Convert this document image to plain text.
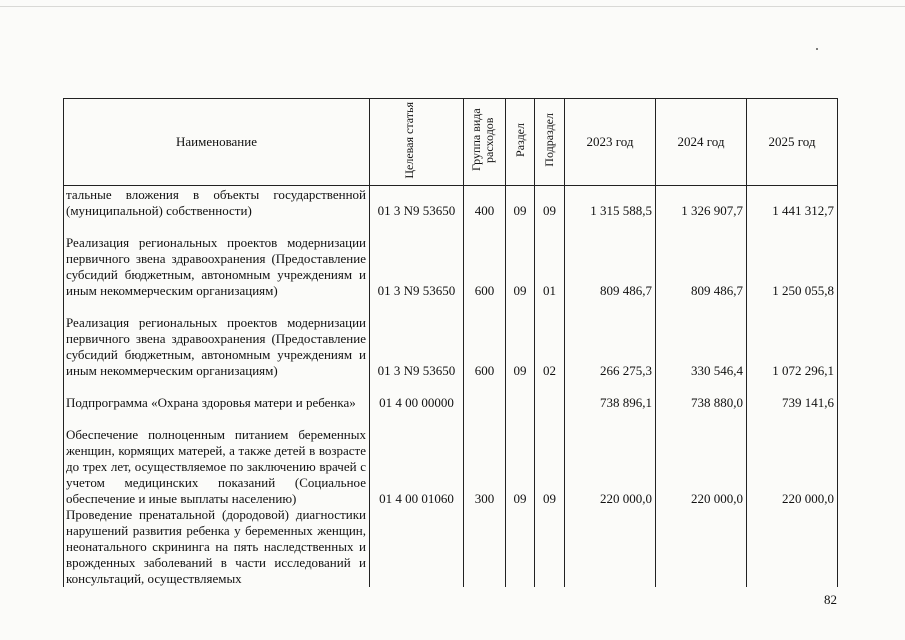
Наименование	Целевая статья	Группа вида расходов	Раздел	Подраздел	2023 год	2024 год	2025 год
тальные вложения в объекты государственной (муниципальной) собственности)	01 3 N9 53650	400	09	09	1 315 588,5	1 326 907,7	1 441 312,7
Реализация региональных проектов модернизации первичного звена здравоохранения (Предоставление субсидий бюджетным, автономным учреждениям и иным некоммерческим организациям)	01 3 N9 53650	600	09	01	809 486,7	809 486,7	1 250 055,8
Реализация региональных проектов модернизации первичного звена здравоохранения (Предоставление субсидий бюджетным, автономным учреждениям и иным некоммерческим организациям)	01 3 N9 53650	600	09	02	266 275,3	330 546,4	1 072 296,1
Подпрограмма «Охрана здоровья матери и ребенка»	01 4 00 00000				738 896,1	738 880,0	739 141,6
Обеспечение полноценным питанием беременных женщин, кормящих матерей, а также детей в возрасте до трех лет, осуществляемое по заключению врачей с учетом медицинских показаний (Социальное обеспечение и иные выплаты населению)	01 4 00 01060	300	09	09	220 000,0	220 000,0	220 000,0
Проведение пренатальной (дородовой) диагностики нарушений развития ребенка у беременных женщин, неонатального скрининга на пять наследственных и врожденных заболеваний в части исследований и консультаций, осуществляемых							
82
